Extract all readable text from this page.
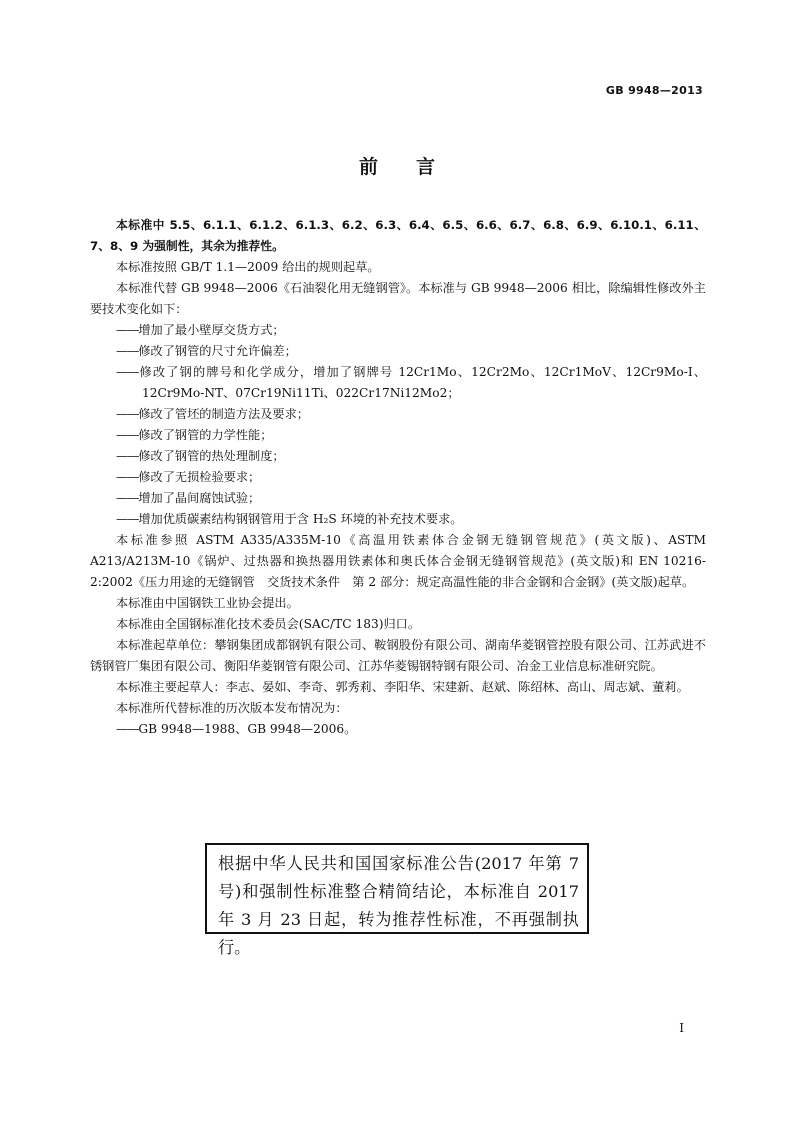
GB 9948—2013
前言

本标准中 5.5、6.1.1、6.1.2、6.1.3、6.2、6.3、6.4、6.5、6.6、6.7、6.8、6.9、6.10.1、6.11、7、8、9 为强制性，其余为推荐性。

本标准按照 GB/T 1.1—2009 给出的规则起草。

本标准代替 GB 9948—2006《石油裂化用无缝钢管》。本标准与 GB 9948—2006 相比，除编辑性修改外主要技术变化如下：

—— 增加了最小壁厚交货方式；

—— 修改了钢管的尺寸允许偏差；

—— 修改了钢的牌号和化学成分，增加了钢牌号 12Cr1Mo、12Cr2Mo、12Cr1MoV、12Cr9Mo-I、12Cr9Mo-NT、07Cr19Ni11Ti、022Cr17Ni12Mo2；

—— 修改了管坯的制造方法及要求；

—— 修改了钢管的力学性能；

—— 修改了钢管的热处理制度；

—— 修改了无损检验要求；

—— 增加了晶间腐蚀试验；

—— 增加优质碳素结构钢钢管用于含 H₂S 环境的补充技术要求。

本标准参照 ASTM A335/A335M-10《高温用铁素体合金钢无缝钢管规范》(英文版)、ASTM A213/A213M-10《锅炉、过热器和换热器用铁素体和奥氏体合金钢无缝钢管规范》(英文版)和 EN 10216-2:2002《压力用途的无缝钢管　交货技术条件　第 2 部分：规定高温性能的非合金钢和合金钢》(英文版)起草。

本标准由中国钢铁工业协会提出。

本标准由全国钢标准化技术委员会(SAC/TC 183)归口。

本标准起草单位：攀钢集团成都钢钒有限公司、鞍钢股份有限公司、湖南华菱钢管控股有限公司、江苏武进不锈钢管厂集团有限公司、衡阳华菱钢管有限公司、江苏华菱锡钢特钢有限公司、冶金工业信息标准研究院。

本标准主要起草人：李志、晏如、李奇、郭秀莉、李阳华、宋建新、赵斌、陈绍林、高山、周志斌、董莉。

本标准所代替标准的历次版本发布情况为：

—— GB 9948—1988、GB 9948—2006。

根据中华人民共和国国家标准公告(2017 年第 7 号)和强制性标准整合精简结论，本标准自 2017 年 3 月 23 日起，转为推荐性标准，不再强制执行。
I
